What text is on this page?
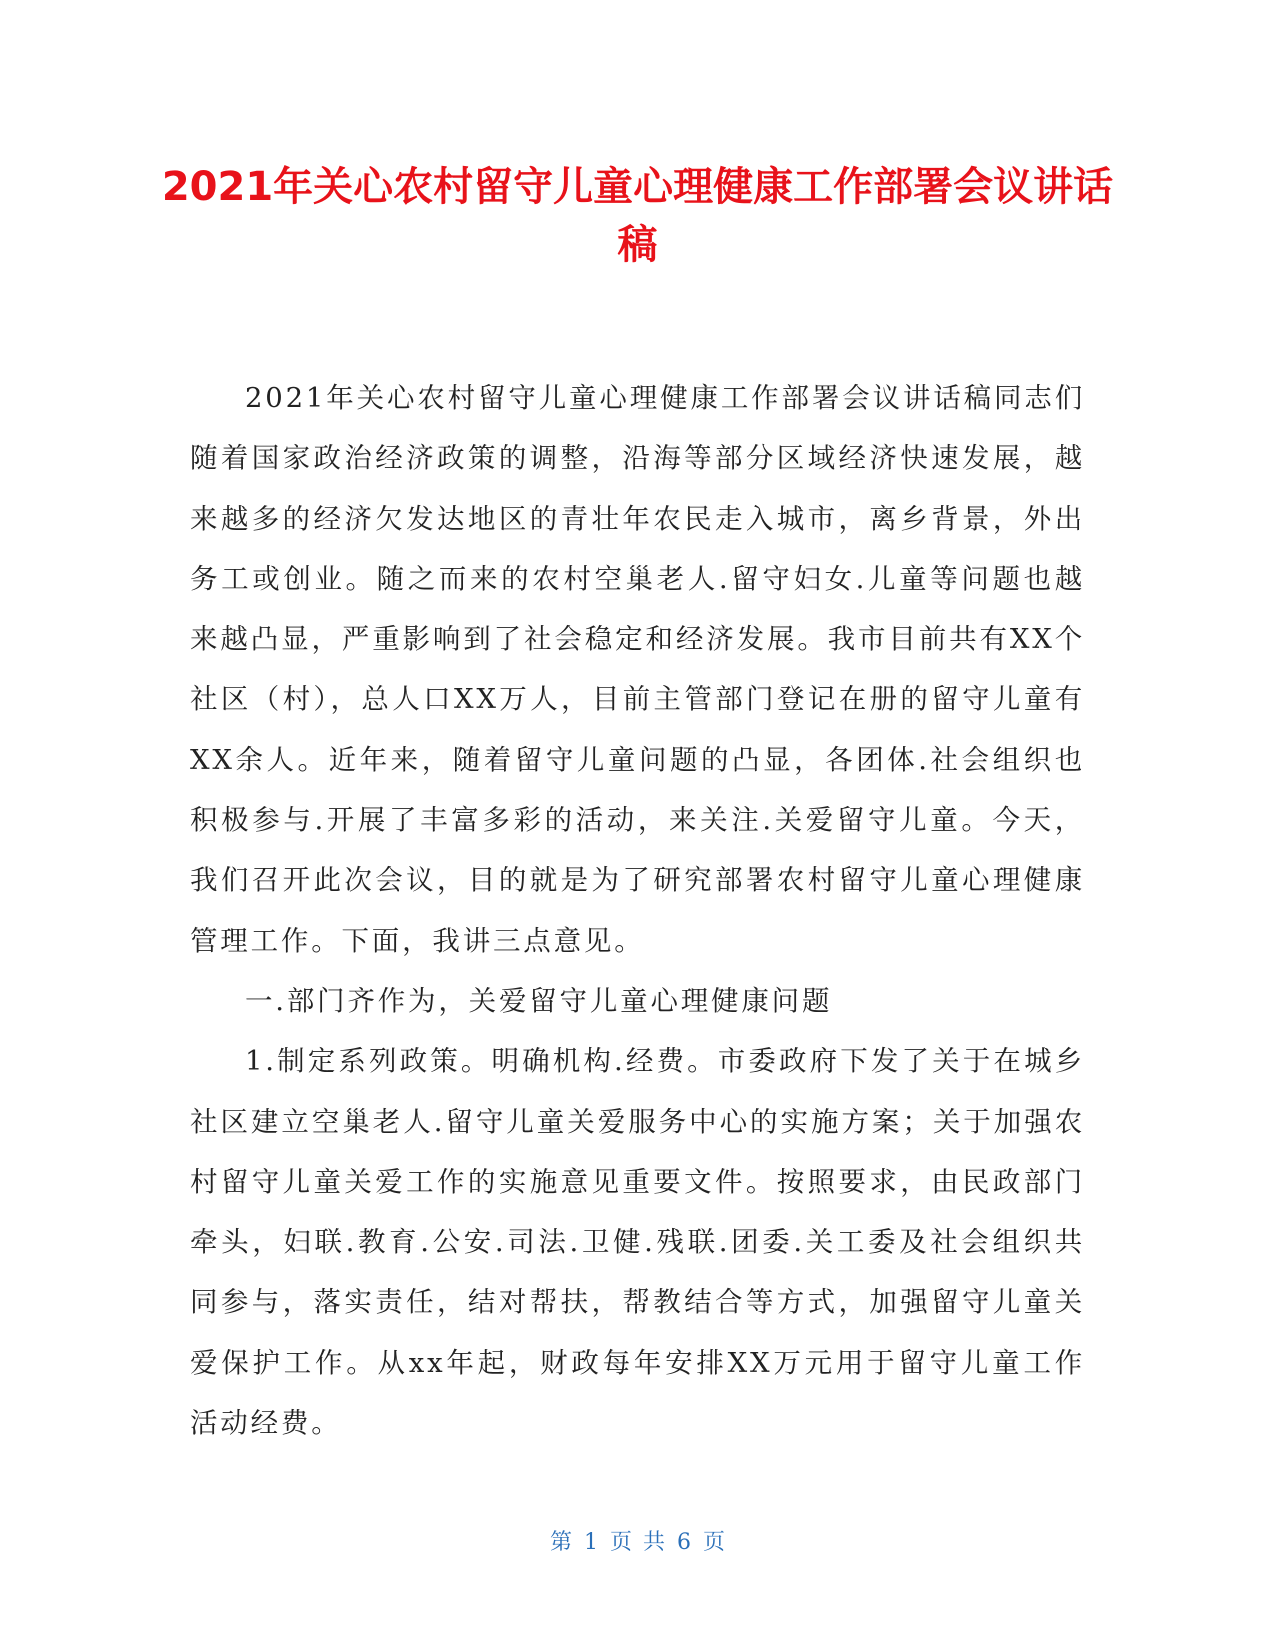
2021年关心农村留守儿童心理健康工作部署会议讲话稿

2021年关心农村留守儿童心理健康工作部署会议讲话稿同志们随着国家政治经济政策的调整，沿海等部分区域经济快速发展，越来越多的经济欠发达地区的青壮年农民走入城市，离乡背景，外出务工或创业。随之而来的农村空巢老人.留守妇女.儿童等问题也越来越凸显，严重影响到了社会稳定和经济发展。我市目前共有XX个社区（村），总人口XX万人，目前主管部门登记在册的留守儿童有XX余人。近年来，随着留守儿童问题的凸显，各团体.社会组织也积极参与.开展了丰富多彩的活动，来关注.关爱留守儿童。今天，我们召开此次会议，目的就是为了研究部署农村留守儿童心理健康管理工作。下面，我讲三点意见。

一.部门齐作为，关爱留守儿童心理健康问题

1.制定系列政策。明确机构.经费。市委政府下发了关于在城乡社区建立空巢老人.留守儿童关爱服务中心的实施方案；关于加强农村留守儿童关爱工作的实施意见重要文件。按照要求，由民政部门牵头，妇联.教育.公安.司法.卫健.残联.团委.关工委及社会组织共同参与，落实责任，结对帮扶，帮教结合等方式，加强留守儿童关爱保护工作。从xx年起，财政每年安排XX万元用于留守儿童工作活动经费。

第 1 页 共 6 页
